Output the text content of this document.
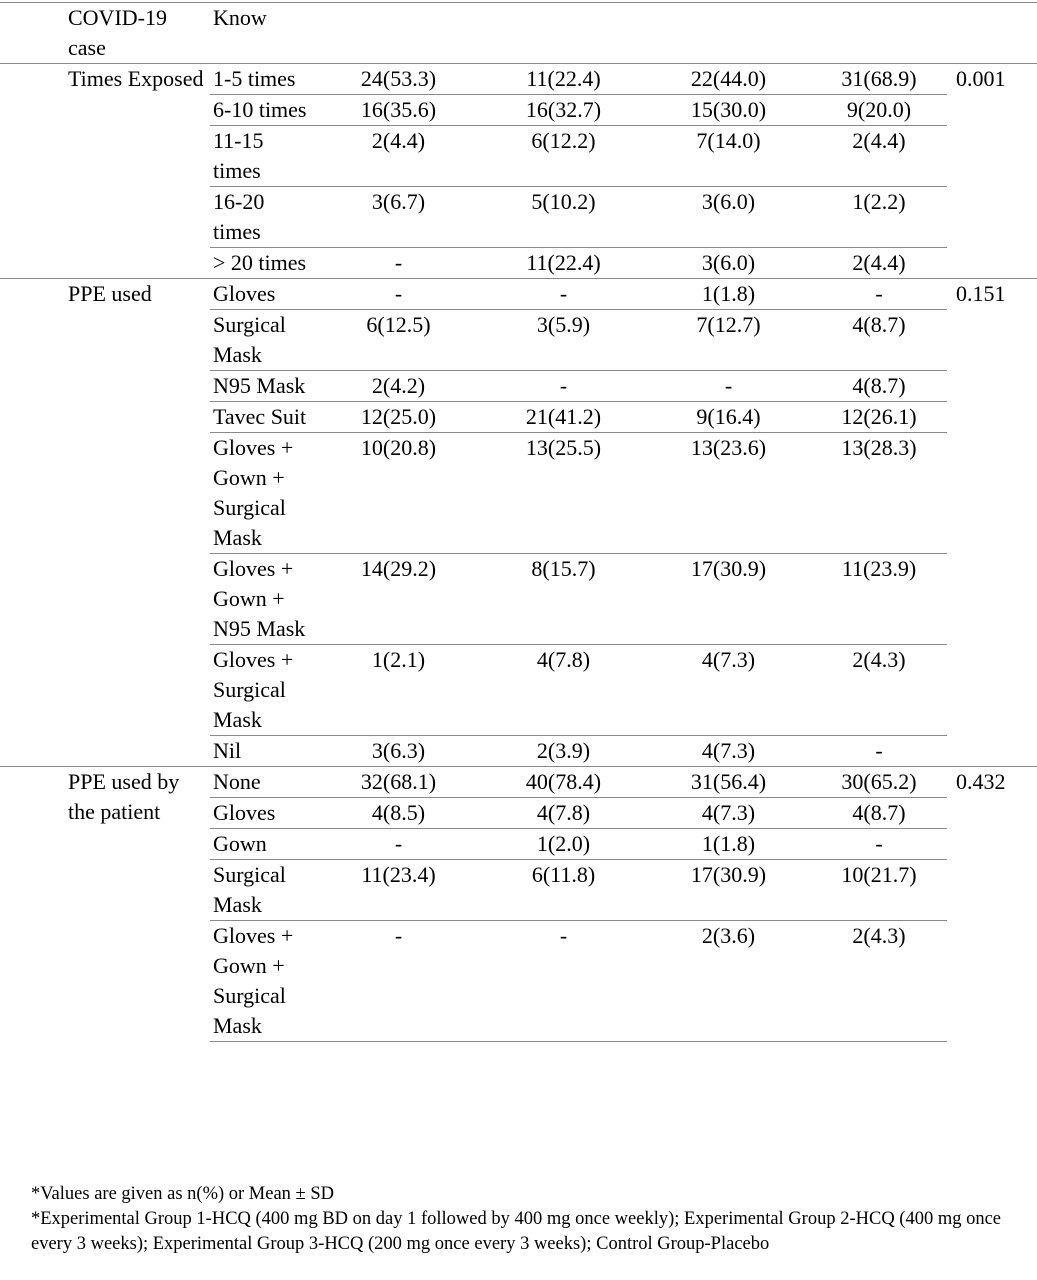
COVID-19 case	Know					
Times Exposed	1-5 times	24(53.3)	11(22.4)	22(44.0)	31(68.9)	0.001
	6-10 times	16(35.6)	16(32.7)	15(30.0)	9(20.0)	
	11-15 times	2(4.4)	6(12.2)	7(14.0)	2(4.4)	
	16-20 times	3(6.7)	5(10.2)	3(6.0)	1(2.2)	
	> 20 times	-	11(22.4)	3(6.0)	2(4.4)	
PPE used	Gloves	-	-	1(1.8)	-	0.151
	Surgical Mask	6(12.5)	3(5.9)	7(12.7)	4(8.7)	
	N95 Mask	2(4.2)	-	-	4(8.7)	
	Tavec Suit	12(25.0)	21(41.2)	9(16.4)	12(26.1)	
	Gloves + Gown + Surgical Mask	10(20.8)	13(25.5)	13(23.6)	13(28.3)	
	Gloves + Gown + N95 Mask	14(29.2)	8(15.7)	17(30.9)	11(23.9)	
	Gloves + Surgical Mask	1(2.1)	4(7.8)	4(7.3)	2(4.3)	
	Nil	3(6.3)	2(3.9)	4(7.3)	-	
PPE used by the patient	None	32(68.1)	40(78.4)	31(56.4)	30(65.2)	0.432
	Gloves	4(8.5)	4(7.8)	4(7.3)	4(8.7)	
	Gown	-	1(2.0)	1(1.8)	-	
	Surgical Mask	11(23.4)	6(11.8)	17(30.9)	10(21.7)	
	Gloves + Gown + Surgical Mask	-	-	2(3.6)	2(4.3)	
*Values are given as n(%) or Mean ± SD
*Experimental Group 1-HCQ (400 mg BD on day 1 followed by 400 mg once weekly); Experimental Group 2-HCQ (400 mg once every 3 weeks); Experimental Group 3-HCQ (200 mg once every 3 weeks); Control Group-Placebo
